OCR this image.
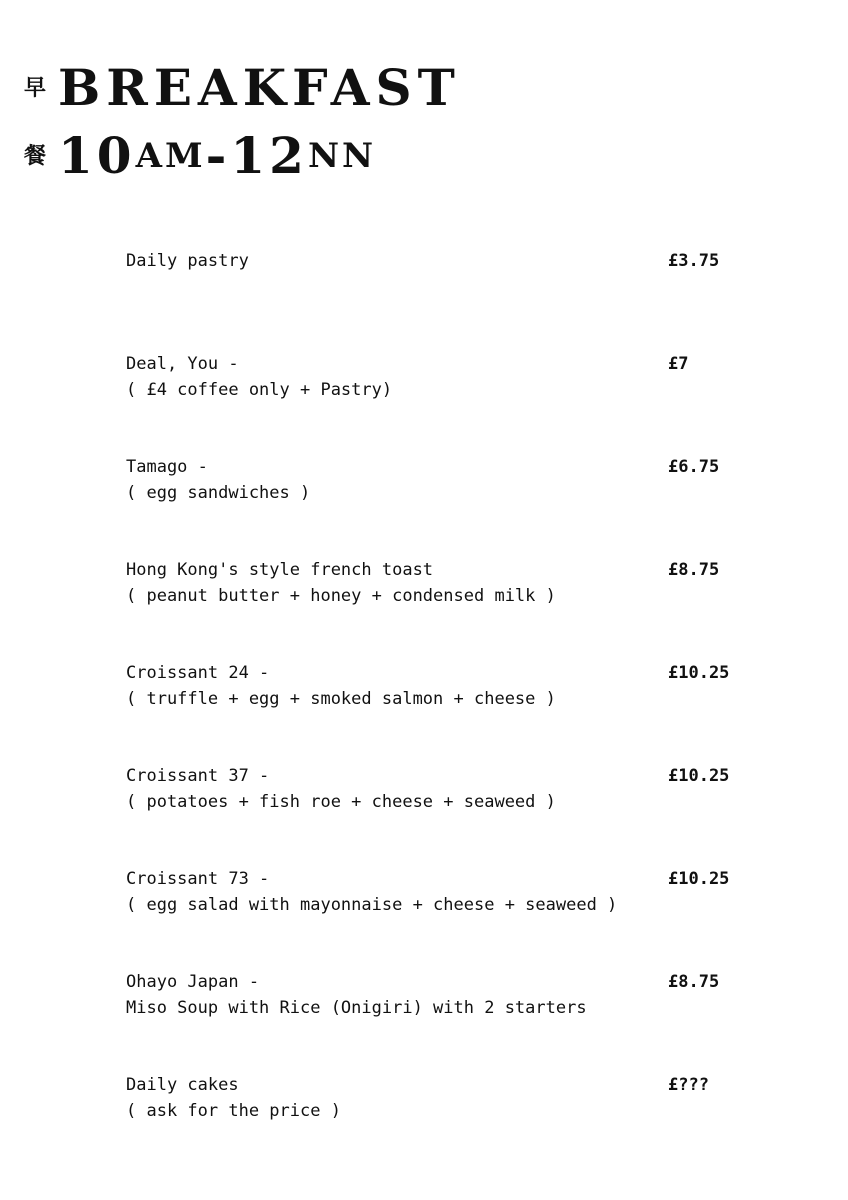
早 BREAKFAST
餐 10 AM - 12 NN
Daily pastry	£3.75
Deal, You -
( £4 coffee only + Pastry)
£7
Tamago -
( egg sandwiches )
£6.75
Hong Kong's style french toast
( peanut butter + honey + condensed milk )
£8.75
Croissant 24 -
( truffle + egg + smoked salmon + cheese )
£10.25
Croissant 37 -
( potatoes + fish roe + cheese + seaweed )
£10.25
Croissant 73 -
( egg salad with mayonnaise + cheese + seaweed )
£10.25
Ohayo Japan -
Miso Soup with Rice (Onigiri) with 2 starters
£8.75
Daily cakes
( ask for the price )
£???
